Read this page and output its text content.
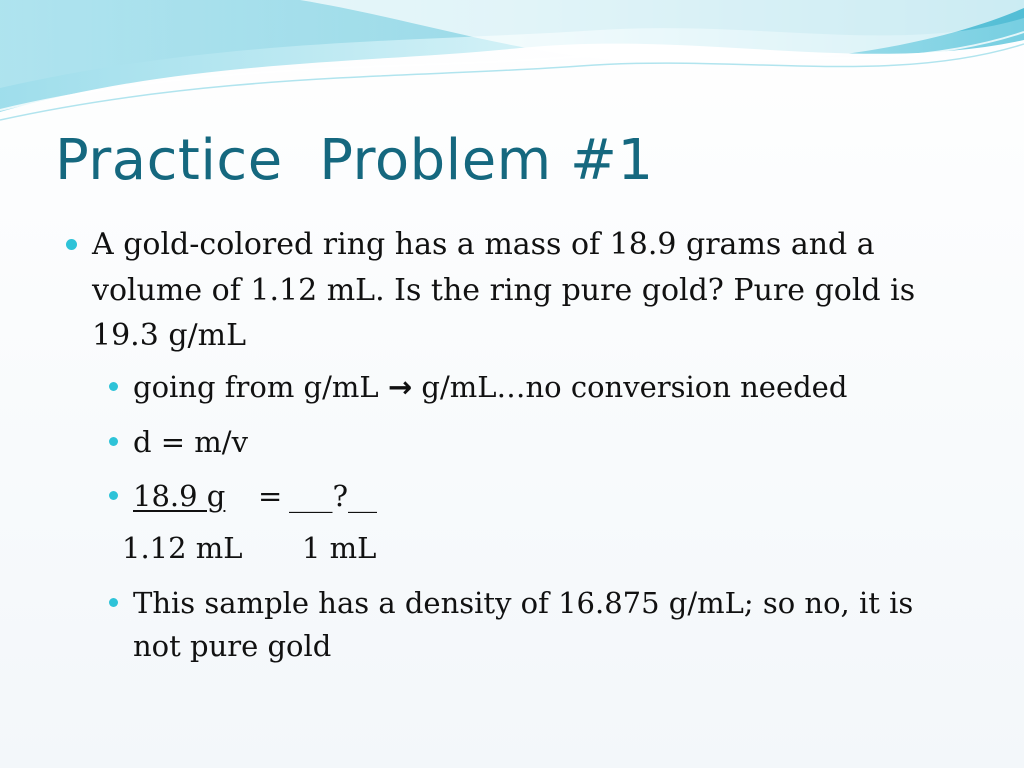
Practice  Problem #1

A gold-colored ring has a mass of 18.9 grams and a

volume of 1.12 mL. Is the ring pure gold? Pure gold is

19.3 g/mL

going from g/mL → g/mL…no conversion needed

d = m/v

18.9 g = ___?__

1.12 mL 1 mL

This sample has a density of 16.875 g/mL; so no, it is

not pure gold
